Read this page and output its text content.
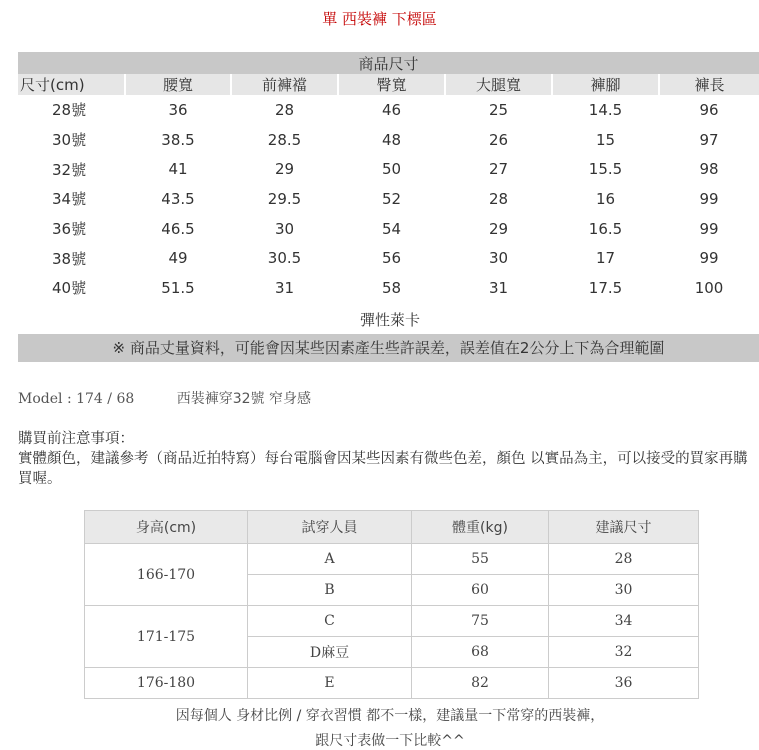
單 西裝褲 下標區
商品尺寸						
尺寸(cm)	腰寬	前褲襠	臀寬	大腿寬	褲腳	褲長
28號	36	28	46	25	14.5	96
30號	38.5	28.5	48	26	15	97
32號	41	29	50	27	15.5	98
34號	43.5	29.5	52	28	16	99
36號	46.5	30	54	29	16.5	99
38號	49	30.5	56	30	17	99
40號	51.5	31	58	31	17.5	100
彈性萊卡
※ 商品丈量資料，可能會因某些因素產生些許誤差，誤差值在2公分上下為合理範圍
Model : 174 / 68	西裝褲穿32號 窄身感
購買前注意事項：
實體顏色，建議參考（商品近拍特寫）每台電腦會因某些因素有微些色差，顏色 以實品為主，可以接受的買家再購買喔。
身高(cm)	試穿人員	體重(kg)	建議尺寸
166-170	A	55	28
	B	60	30
171-175	C	75	34
	D麻豆	68	32
176-180	E	82	36
因每個人 身材比例 / 穿衣習慣 都不一樣，建議量一下常穿的西裝褲，
跟尺寸表做一下比較^^
